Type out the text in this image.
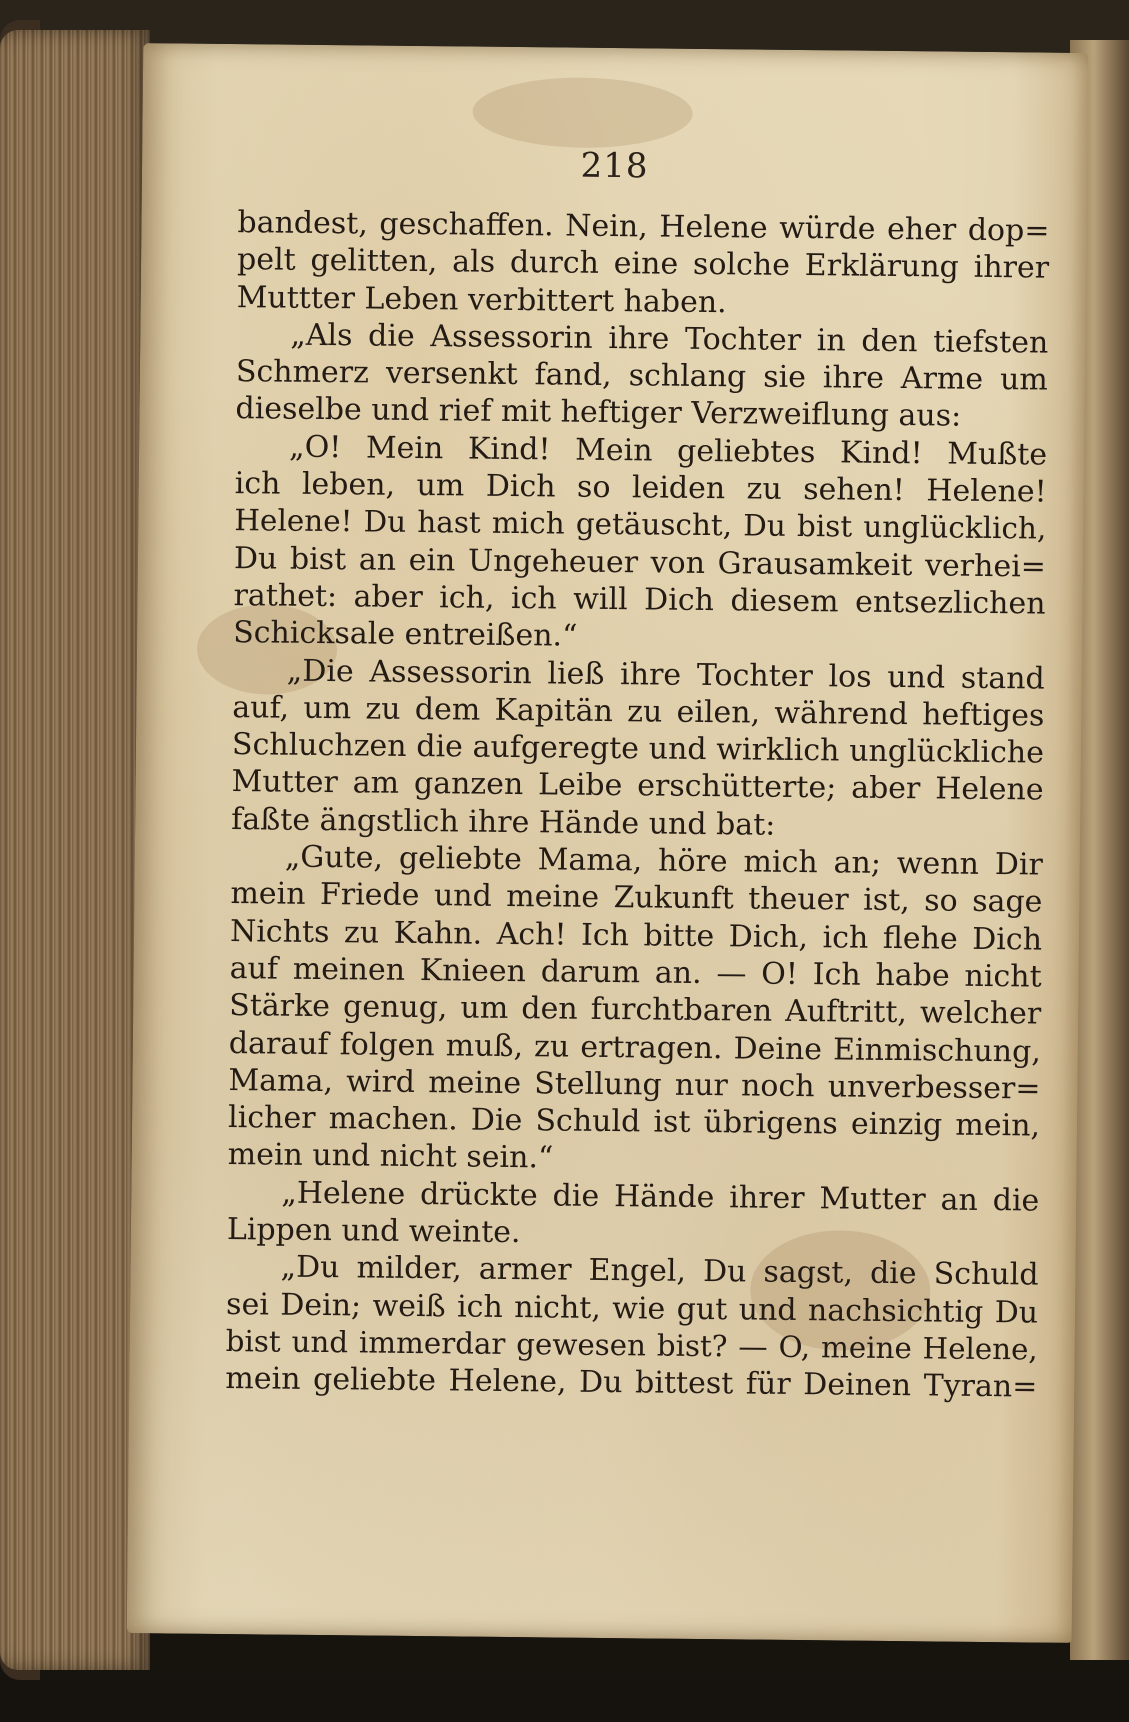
218
bandest, geschaffen. Nein, Helene würde eher dop=
pelt gelitten, als durch eine solche Erklärung ihrer
Muttter Leben verbittert haben.
„Als die Assessorin ihre Tochter in den tiefsten
Schmerz versenkt fand, schlang sie ihre Arme um
dieselbe und rief mit heftiger Verzweiflung aus:
„O! Mein Kind! Mein geliebtes Kind! Mußte
ich leben, um Dich so leiden zu sehen! Helene!
Helene! Du hast mich getäuscht, Du bist unglücklich,
Du bist an ein Ungeheuer von Grausamkeit verhei=
rathet: aber ich, ich will Dich diesem entsezlichen
Schicksale entreißen.“
„Die Assessorin ließ ihre Tochter los und stand
auf, um zu dem Kapitän zu eilen, während heftiges
Schluchzen die aufgeregte und wirklich unglückliche
Mutter am ganzen Leibe erschütterte; aber Helene
faßte ängstlich ihre Hände und bat:
„Gute, geliebte Mama, höre mich an; wenn Dir
mein Friede und meine Zukunft theuer ist, so sage
Nichts zu Kahn. Ach! Ich bitte Dich, ich flehe Dich
auf meinen Knieen darum an. — O! Ich habe nicht
Stärke genug, um den furchtbaren Auftritt, welcher
darauf folgen muß, zu ertragen. Deine Einmischung,
Mama, wird meine Stellung nur noch unverbesser=
licher machen. Die Schuld ist übrigens einzig mein,
mein und nicht sein.“
„Helene drückte die Hände ihrer Mutter an die
Lippen und weinte.
„Du milder, armer Engel, Du sagst, die Schuld
sei Dein; weiß ich nicht, wie gut und nachsichtig Du
bist und immerdar gewesen bist? — O, meine Helene,
mein geliebte Helene, Du bittest für Deinen Tyran=
